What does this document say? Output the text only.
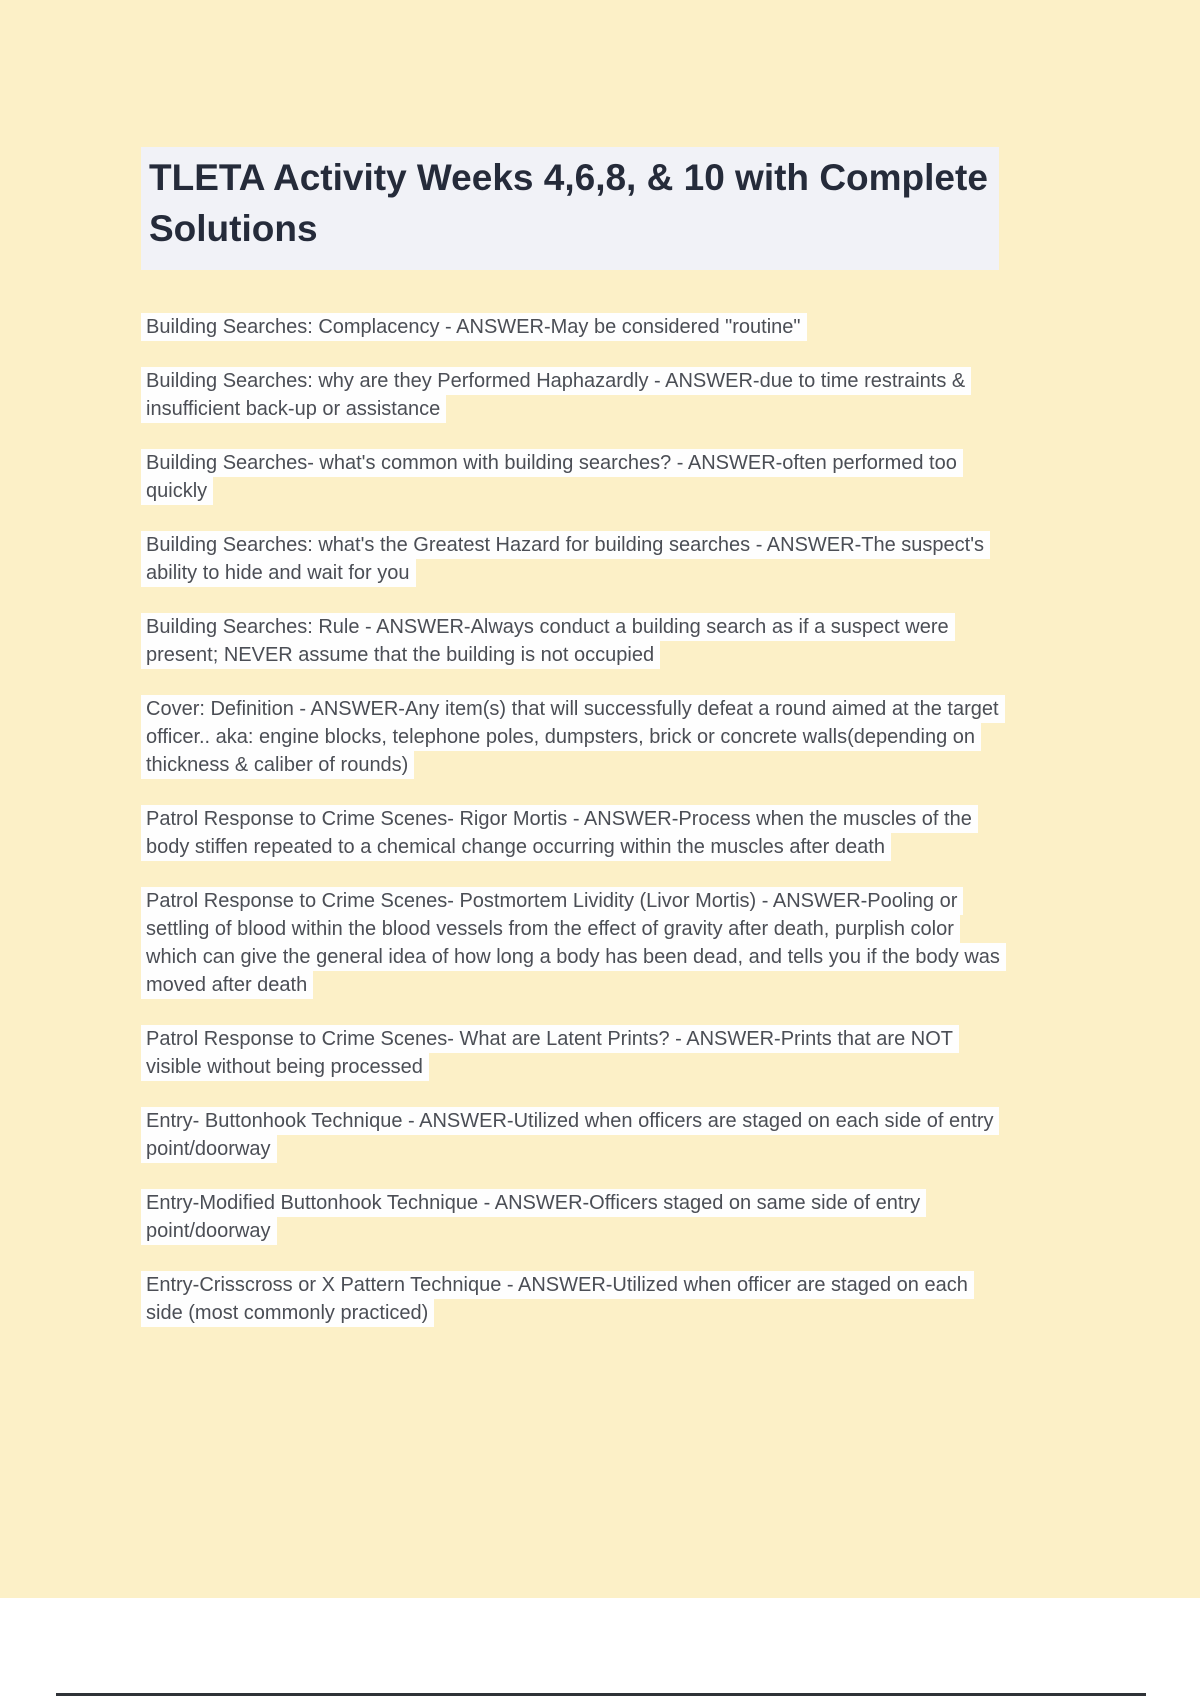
TLETA Activity Weeks 4,6,8, & 10 with Complete Solutions

Building Searches: Complacency - ANSWER-May be considered "routine"

Building Searches: why are they Performed Haphazardly - ANSWER-due to time restraints & insufficient back-up or assistance

Building Searches- what's common with building searches? - ANSWER-often performed too quickly

Building Searches: what's the Greatest Hazard for building searches - ANSWER-The suspect's ability to hide and wait for you

Building Searches: Rule - ANSWER-Always conduct a building search as if a suspect were present; NEVER assume that the building is not occupied

Cover: Definition - ANSWER-Any item(s) that will successfully defeat a round aimed at the target officer.. aka: engine blocks, telephone poles, dumpsters, brick or concrete walls(depending on thickness & caliber of rounds)

Patrol Response to Crime Scenes- Rigor Mortis - ANSWER-Process when the muscles of the body stiffen repeated to a chemical change occurring within the muscles after death

Patrol Response to Crime Scenes- Postmortem Lividity (Livor Mortis) - ANSWER-Pooling or settling of blood within the blood vessels from the effect of gravity after death, purplish color which can give the general idea of how long a body has been dead, and tells you if the body was moved after death

Patrol Response to Crime Scenes- What are Latent Prints? - ANSWER-Prints that are NOT visible without being processed

Entry- Buttonhook Technique - ANSWER-Utilized when officers are staged on each side of entry point/doorway

Entry-Modified Buttonhook Technique - ANSWER-Officers staged on same side of entry point/doorway

Entry-Crisscross or X Pattern Technique - ANSWER-Utilized when officer are staged on each side (most commonly practiced)
